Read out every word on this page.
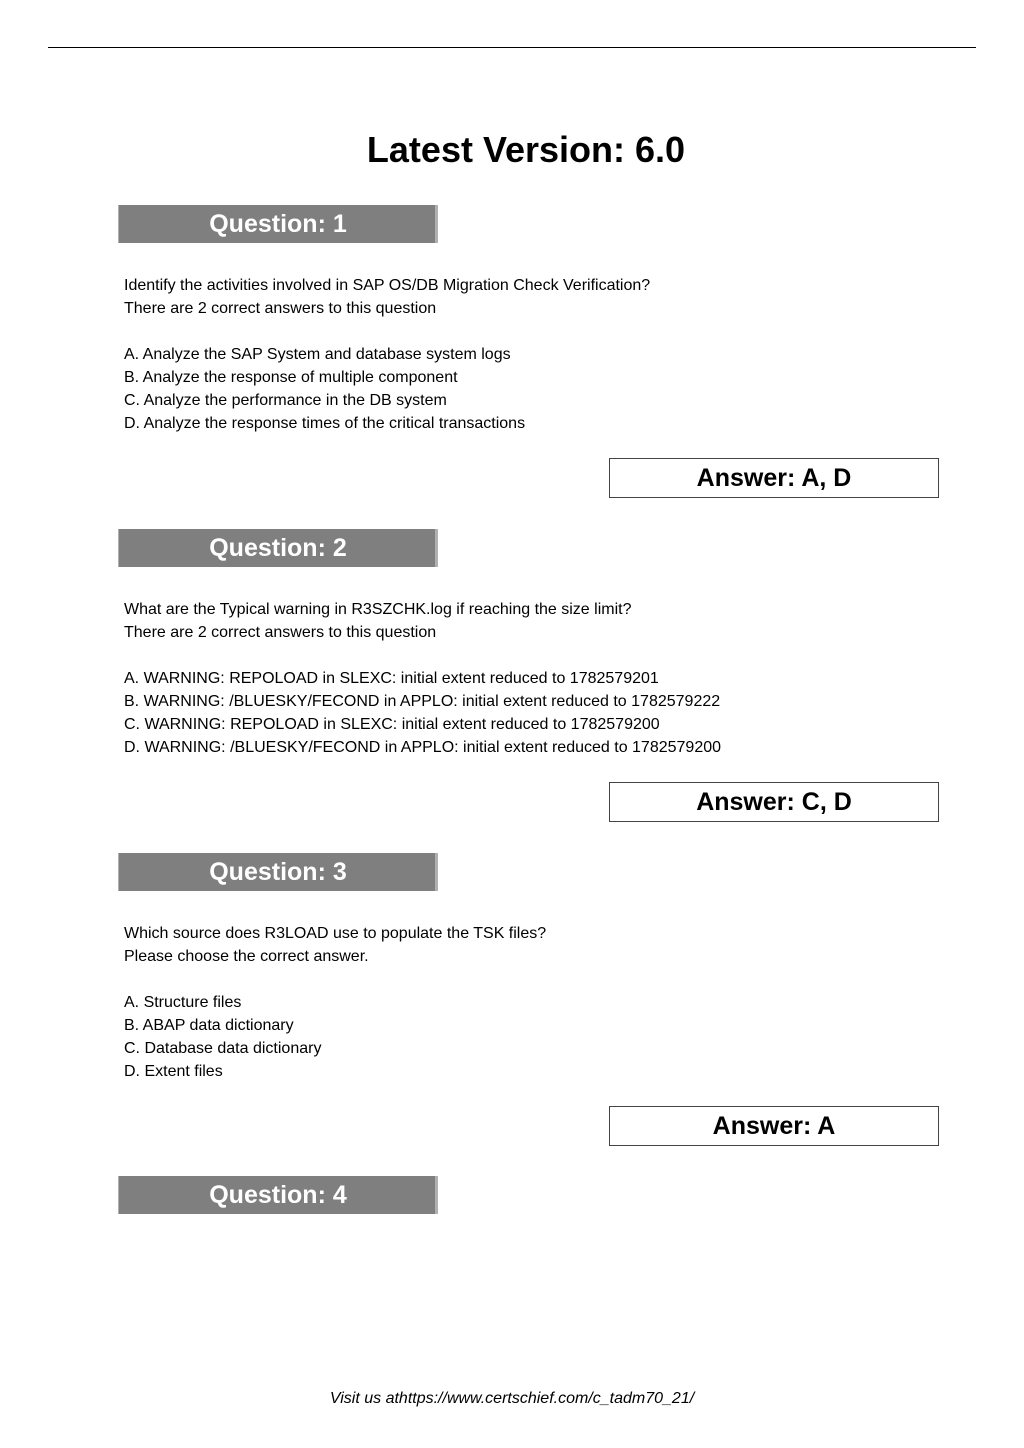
Latest Version: 6.0
Question: 1
Identify the activities involved in SAP OS/DB Migration Check Verification?
There are 2 correct answers to this question
A. Analyze the SAP System and database system logs
B. Analyze the response of multiple component
C. Analyze the performance in the DB system
D. Analyze the response times of the critical transactions
Answer: A, D
Question: 2
What are the Typical warning in R3SZCHK.log if reaching the size limit?
There are 2 correct answers to this question
A. WARNING: REPOLOAD in SLEXC: initial extent reduced to 1782579201
B. WARNING: /BLUESKY/FECOND in APPLO: initial extent reduced to 1782579222
C. WARNING: REPOLOAD in SLEXC: initial extent reduced to 1782579200
D. WARNING: /BLUESKY/FECOND in APPLO: initial extent reduced to 1782579200
Answer: C, D
Question: 3
Which source does R3LOAD use to populate the TSK files?
Please choose the correct answer.
A. Structure files
B. ABAP data dictionary
C. Database data dictionary
D. Extent files
Answer: A
Question: 4
Visit us athttps://www.certschief.com/c_tadm70_21/
